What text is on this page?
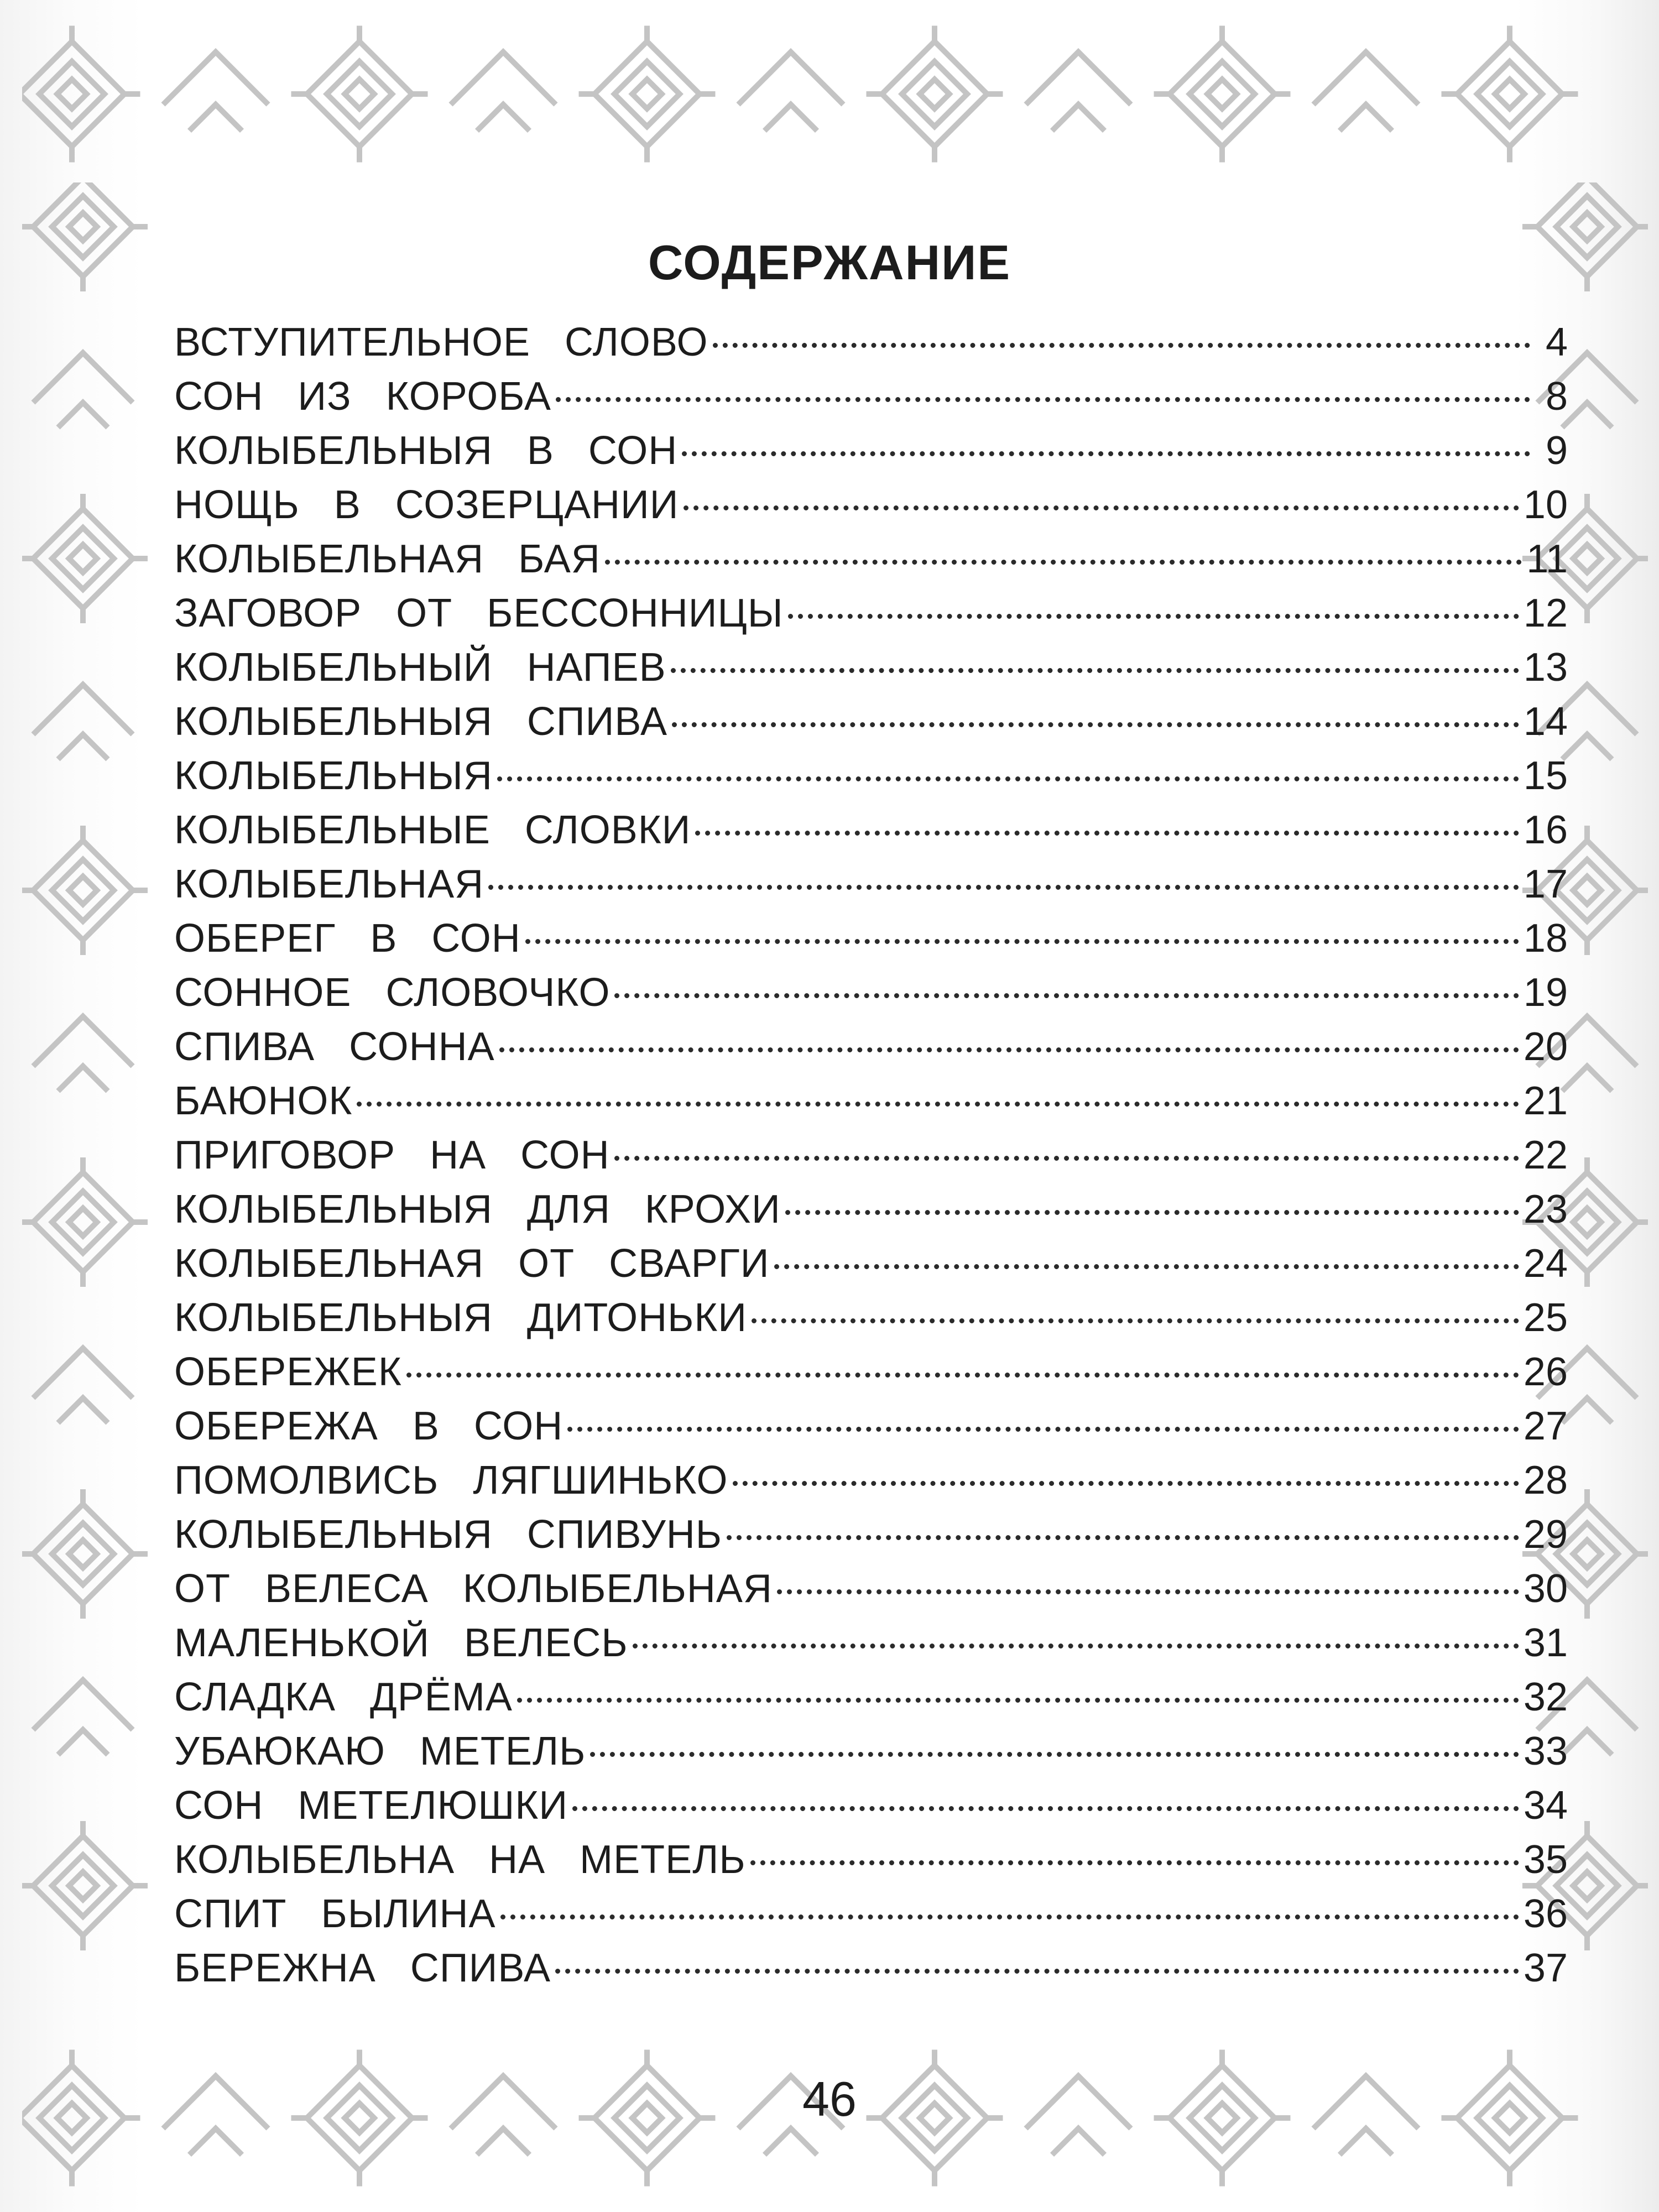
СОДЕРЖАНИЕ
ВСТУПИТЕЛЬНОЕ  СЛОВО	4
СОН  ИЗ  КОРОБА	8
КОЛЫБЕЛЬНЫЯ  В  СОН	9
НОЩЬ  В  СОЗЕРЦАНИИ	10
КОЛЫБЕЛЬНАЯ  БАЯ	11
ЗАГОВОР  ОТ  БЕССОННИЦЫ	12
КОЛЫБЕЛЬНЫЙ  НАПЕВ	13
КОЛЫБЕЛЬНЫЯ  СПИВА	14
КОЛЫБЕЛЬНЫЯ	15
КОЛЫБЕЛЬНЫЕ  СЛОВКИ	16
КОЛЫБЕЛЬНАЯ	17
ОБЕРЕГ  В  СОН	18
СОННОЕ  СЛОВОЧКО	19
СПИВА  СОННА	20
БАЮНОК	21
ПРИГОВОР  НА  СОН	22
КОЛЫБЕЛЬНЫЯ  ДЛЯ  КРОХИ	23
КОЛЫБЕЛЬНАЯ  ОТ  СВАРГИ	24
КОЛЫБЕЛЬНЫЯ  ДИТОНЬКИ	25
ОБЕРЕЖЕК	26
ОБЕРЕЖА  В  СОН	27
ПОМОЛВИСЬ  ЛЯГШИНЬКО	28
КОЛЫБЕЛЬНЫЯ  СПИВУНЬ	29
ОТ  ВЕЛЕСА  КОЛЫБЕЛЬНАЯ	30
МАЛЕНЬКОЙ  ВЕЛЕСЬ	31
СЛАДКА  ДРЁМА	32
УБАЮКАЮ  МЕТЕЛЬ	33
СОН  МЕТЕЛЮШКИ	34
КОЛЫБЕЛЬНА  НА  МЕТЕЛЬ	35
СПИТ  БЫЛИНА	36
БЕРЕЖНА  СПИВА	37
46
